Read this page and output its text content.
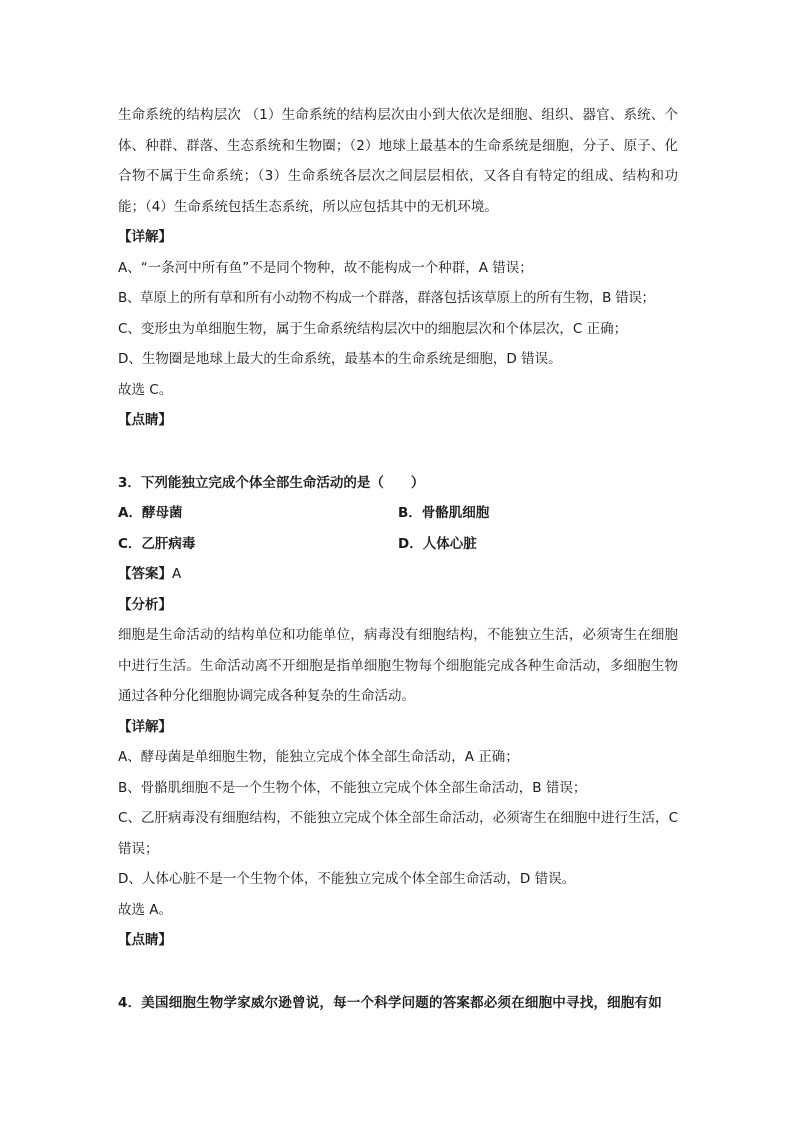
生命系统的结构层次 （1）生命系统的结构层次由小到大依次是细胞、组织、器官、系统、个体、种群、群落、生态系统和生物圈；（2）地球上最基本的生命系统是细胞，分子、原子、化合物不属于生命系统；（3）生命系统各层次之间层层相依，又各自有特定的组成、结构和功能；（4）生命系统包括生态系统，所以应包括其中的无机环境。

【详解】

A、“一条河中所有鱼”不是同个物种，故不能构成一个种群，A 错误；

B、草原上的所有草和所有小动物不构成一个群落，群落包括该草原上的所有生物，B 错误；

C、变形虫为单细胞生物，属于生命系统结构层次中的细胞层次和个体层次，C 正确；

D、生物圈是地球上最大的生命系统，最基本的生命系统是细胞，D 错误。

故选 C。

【点睛】

3．下列能独立完成个体全部生命活动的是（　　）

A．酵母菌	B．骨骼肌细胞
C．乙肝病毒	D．人体心脏

【答案】A

【分析】

细胞是生命活动的结构单位和功能单位，病毒没有细胞结构，不能独立生活，必须寄生在细胞中进行生活。生命活动离不开细胞是指单细胞生物每个细胞能完成各种生命活动，多细胞生物通过各种分化细胞协调完成各种复杂的生命活动。

【详解】

A、酵母菌是单细胞生物，能独立完成个体全部生命活动，A 正确；

B、骨骼肌细胞不是一个生物个体，不能独立完成个体全部生命活动，B 错误；

C、乙肝病毒没有细胞结构，不能独立完成个体全部生命活动，必须寄生在细胞中进行生活，C 错误；

D、人体心脏不是一个生物个体，不能独立完成个体全部生命活动，D 错误。

故选 A。

【点睛】

4．美国细胞生物学家威尔逊曾说，每一个科学问题的答案都必须在细胞中寻找，细胞有如
